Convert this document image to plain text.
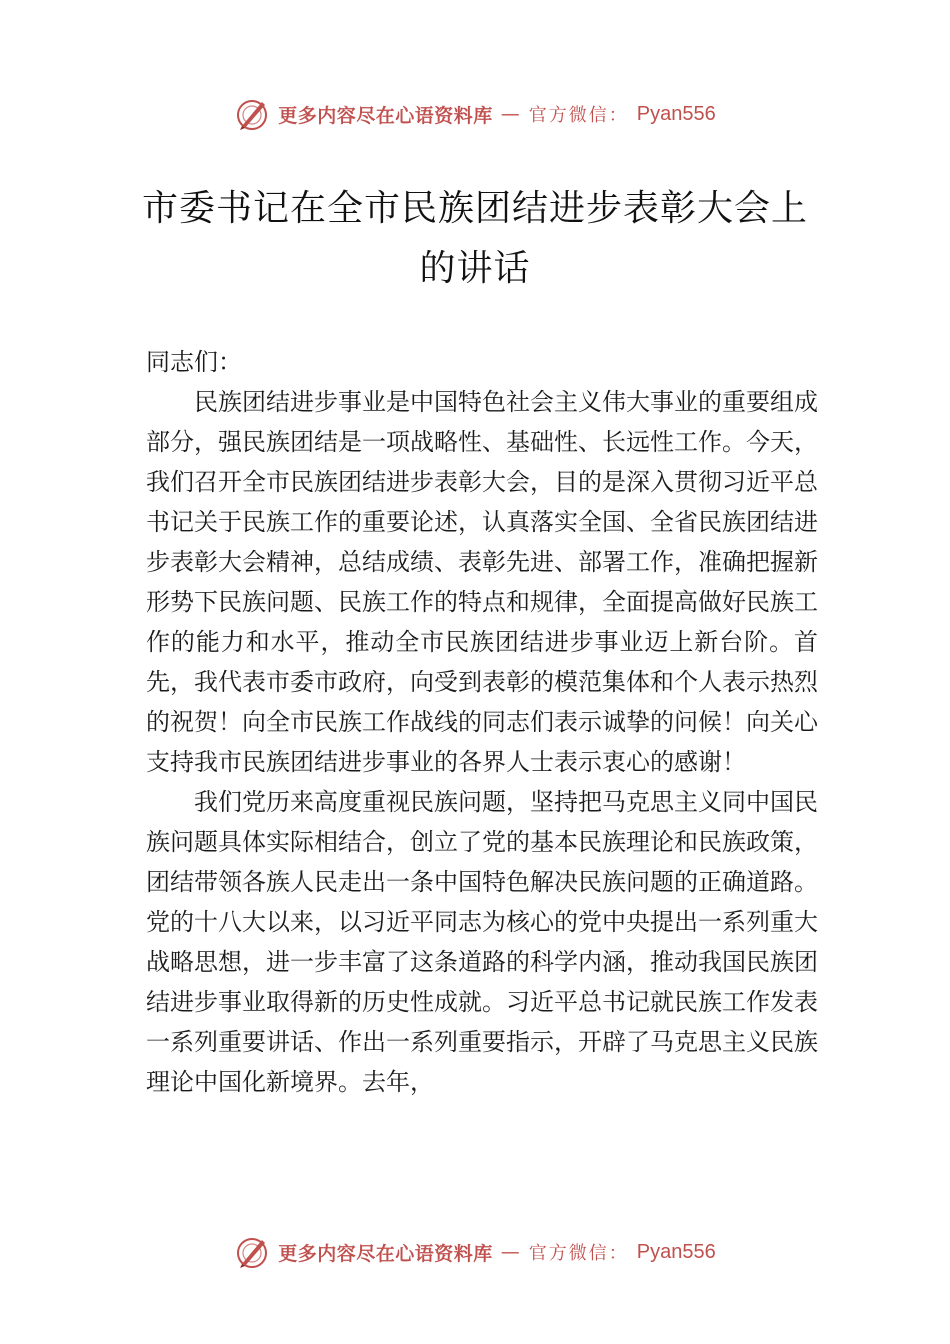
更多内容尽在心语资料库 — 官方微信： Pyan556
市委书记在全市民族团结进步表彰大会上
的讲话

同志们：

民族团结进步事业是中国特色社会主义伟大事业的重要组成部分，强民族团结是一项战略性、基础性、长远性工作。今天，我们召开全市民族团结进步表彰大会，目的是深入贯彻习近平总书记关于民族工作的重要论述，认真落实全国、全省民族团结进步表彰大会精神，总结成绩、表彰先进、部署工作，准确把握新形势下民族问题、民族工作的特点和规律，全面提高做好民族工作的能力和水平，推动全市民族团结进步事业迈上新台阶。首先，我代表市委市政府，向受到表彰的模范集体和个人表示热烈的祝贺！向全市民族工作战线的同志们表示诚挚的问候！向关心支持我市民族团结进步事业的各界人士表示衷心的感谢！

我们党历来高度重视民族问题，坚持把马克思主义同中国民族问题具体实际相结合，创立了党的基本民族理论和民族政策，团结带领各族人民走出一条中国特色解决民族问题的正确道路。党的十八大以来，以习近平同志为核心的党中央提出一系列重大战略思想，进一步丰富了这条道路的科学内涵，推动我国民族团结进步事业取得新的历史性成就。习近平总书记就民族工作发表一系列重要讲话、作出一系列重要指示，开辟了马克思主义民族理论中国化新境界。去年，

更多内容尽在心语资料库 — 官方微信： Pyan556
